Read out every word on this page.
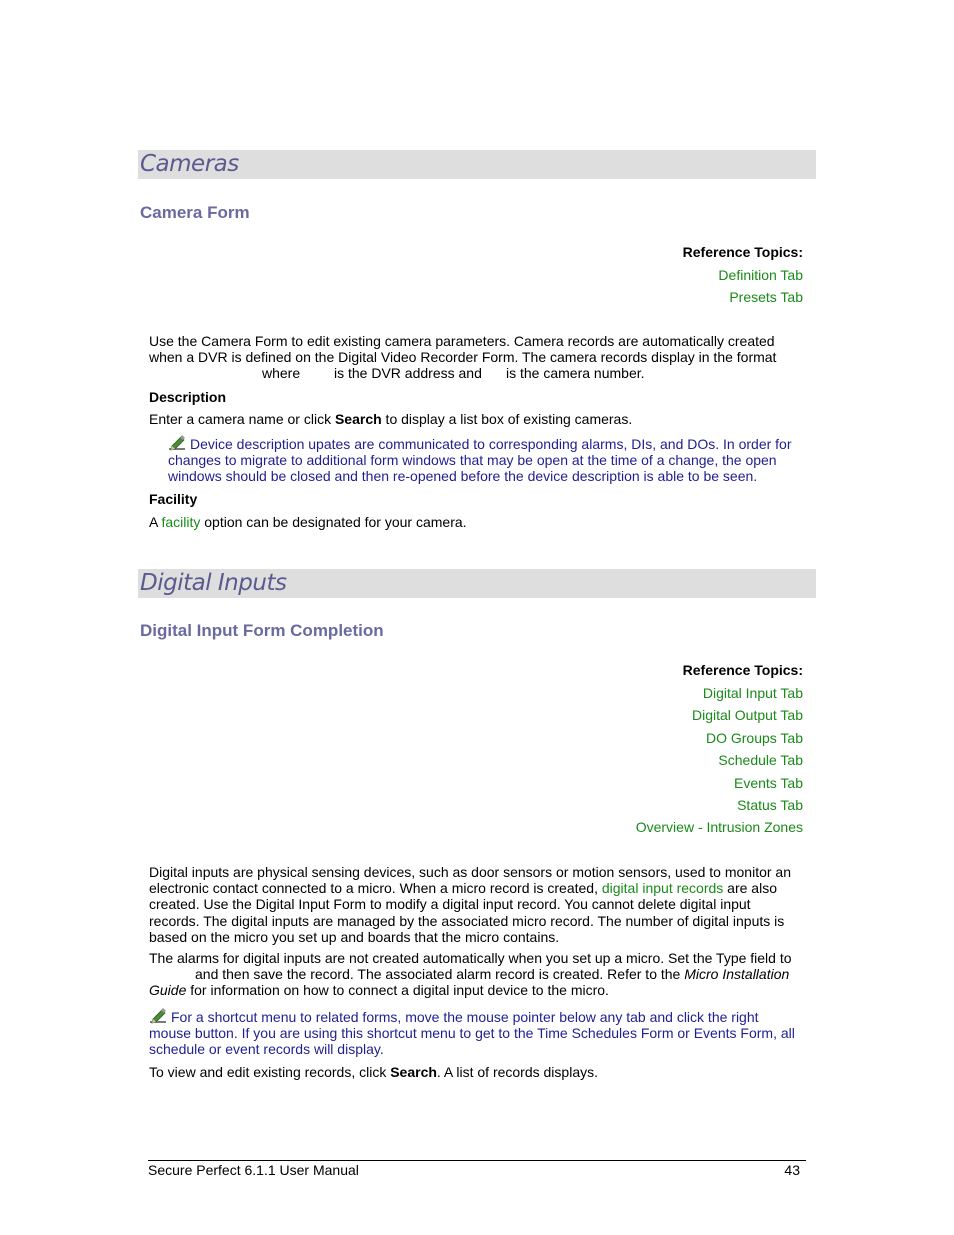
Cameras
Camera Form
Reference Topics:
Definition Tab
Presets Tab
Use the Camera Form to edit existing camera parameters. Camera records are automatically created
when a DVR is defined on the Digital Video Recorder Form. The camera records display in the format
where is the DVR address and is the camera number.
Description
Enter a camera name or click Search to display a list box of existing cameras.
Device description upates are communicated to corresponding alarms, DIs, and DOs. In order for
changes to migrate to additional form windows that may be open at the time of a change, the open
windows should be closed and then re-opened before the device description is able to be seen.
Facility
A facility option can be designated for your camera.
Digital Inputs
Digital Input Form Completion
Reference Topics:
Digital Input Tab
Digital Output Tab
DO Groups Tab
Schedule Tab
Events Tab
Status Tab
Overview - Intrusion Zones
Digital inputs are physical sensing devices, such as door sensors or motion sensors, used to monitor an
electronic contact connected to a micro. When a micro record is created, digital input records are also
created. Use the Digital Input Form to modify a digital input record. You cannot delete digital input
records. The digital inputs are managed by the associated micro record. The number of digital inputs is
based on the micro you set up and boards that the micro contains.
The alarms for digital inputs are not created automatically when you set up a micro. Set the Type field to
and then save the record. The associated alarm record is created. Refer to the Micro Installation
Guide for information on how to connect a digital input device to the micro.
For a shortcut menu to related forms, move the mouse pointer below any tab and click the right
mouse button. If you are using this shortcut menu to get to the Time Schedules Form or Events Form, all
schedule or event records will display.
To view and edit existing records, click Search. A list of records displays.
Secure Perfect 6.1.1 User Manual	43
